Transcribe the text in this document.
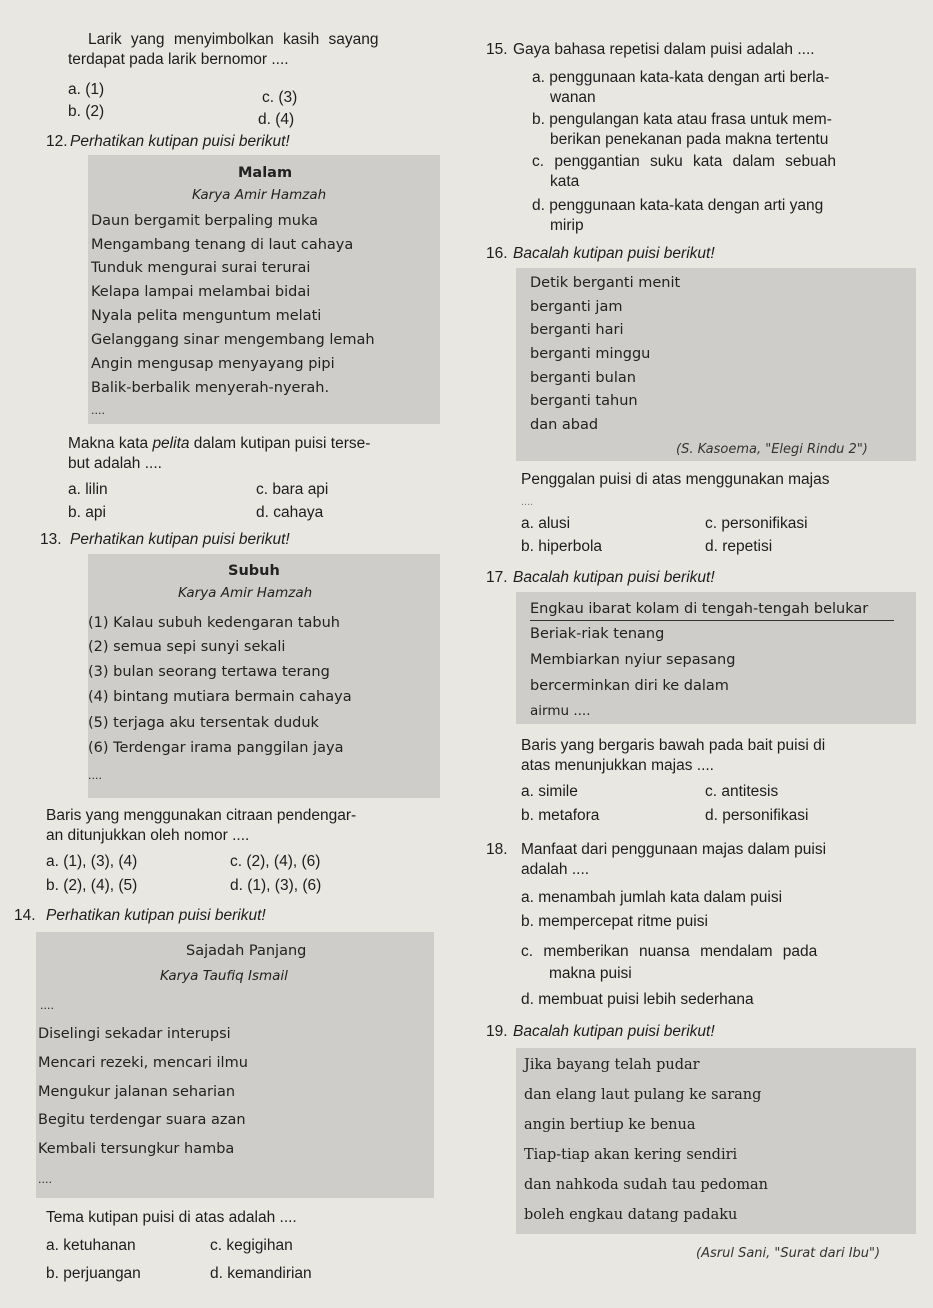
Larik yang menyimbolkan kasih sayang
terdapat pada larik bernomor ....
a. (1)
b. (2)
c. (3)
d. (4)
12. Perhatikan kutipan puisi berikut!
Malam
Karya Amir Hamzah
Daun bergamit berpaling muka
Mengambang tenang di laut cahaya
Tunduk mengurai surai terurai
Kelapa lampai melambai bidai
Nyala pelita menguntum melati
Gelanggang sinar mengembang lemah
Angin mengusap menyayang pipi
Balik-berbalik menyerah-nyerah.
....
Makna kata pelita dalam kutipan puisi terse-
but adalah ....
a. lilin
b. api
c. bara api
d. cahaya
13. Perhatikan kutipan puisi berikut!
Subuh
Karya Amir Hamzah
(1) Kalau subuh kedengaran tabuh
(2) semua sepi sunyi sekali
(3) bulan seorang tertawa terang
(4) bintang mutiara bermain cahaya
(5) terjaga aku tersentak duduk
(6) Terdengar irama panggilan jaya
....
Baris yang menggunakan citraan pendengar-
an ditunjukkan oleh nomor ....
a. (1), (3), (4)
b. (2), (4), (5)
c. (2), (4), (6)
d. (1), (3), (6)
14. Perhatikan kutipan puisi berikut!
Sajadah Panjang
Karya Taufiq Ismail
....
Diselingi sekadar interupsi
Mencari rezeki, mencari ilmu
Mengukur jalanan seharian
Begitu terdengar suara azan
Kembali tersungkur hamba
....
Tema kutipan puisi di atas adalah ....
a. ketuhanan
b. perjuangan
c. kegigihan
d. kemandirian
15. Gaya bahasa repetisi dalam puisi adalah ....
a. penggunaan kata-kata dengan arti berla-
wanan
b. pengulangan kata atau frasa untuk mem-
berikan penekanan pada makna tertentu
c. penggantian suku kata dalam sebuah
kata
d. penggunaan kata-kata dengan arti yang
mirip
16. Bacalah kutipan puisi berikut!
Detik berganti menit
berganti jam
berganti hari
berganti minggu
berganti bulan
berganti tahun
dan abad
(S. Kasoema, "Elegi Rindu 2")
Penggalan puisi di atas menggunakan majas
....
a. alusi
b. hiperbola
c. personifikasi
d. repetisi
17. Bacalah kutipan puisi berikut!
Engkau ibarat kolam di tengah-tengah belukar
Beriak-riak tenang
Membiarkan nyiur sepasang
bercerminkan diri ke dalam
airmu ....
Baris yang bergaris bawah pada bait puisi di
atas menunjukkan majas ....
a. simile
b. metafora
c. antitesis
d. personifikasi
18. Manfaat dari penggunaan majas dalam puisi
adalah ....
a. menambah jumlah kata dalam puisi
b. mempercepat ritme puisi
c. memberikan nuansa mendalam pada
makna puisi
d. membuat puisi lebih sederhana
19. Bacalah kutipan puisi berikut!
Jika bayang telah pudar
dan elang laut pulang ke sarang
angin bertiup ke benua
Tiap-tiap akan kering sendiri
dan nahkoda sudah tau pedoman
boleh engkau datang padaku
(Asrul Sani, "Surat dari Ibu")
